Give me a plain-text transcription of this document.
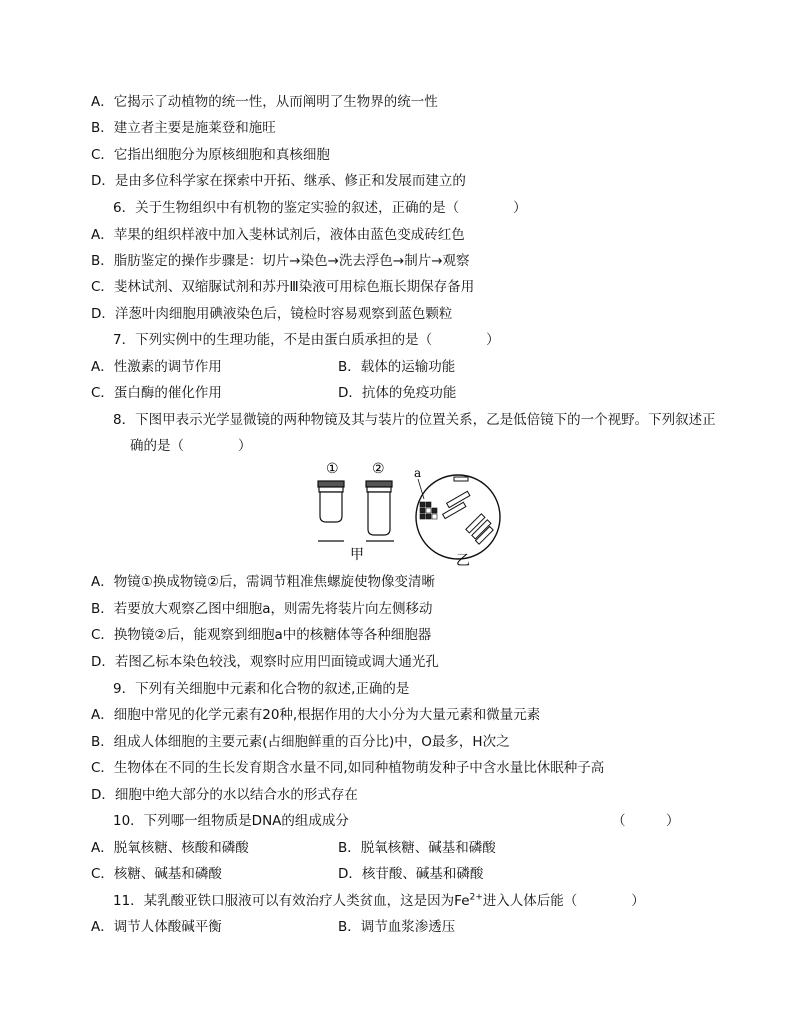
A．它揭示了动植物的统一性，从而阐明了生物界的统一性
B．建立者主要是施莱登和施旺
C．它指出细胞分为原核细胞和真核细胞
D．是由多位科学家在探索中开拓、继承、修正和发展而建立的
6．关于生物组织中有机物的鉴定实验的叙述，正确的是（　　　　）
A．苹果的组织样液中加入斐林试剂后，液体由蓝色变成砖红色
B．脂肪鉴定的操作步骤是：切片→染色→洗去浮色→制片→观察
C．斐林试剂、双缩脲试剂和苏丹Ⅲ染液可用棕色瓶长期保存备用
D．洋葱叶肉细胞用碘液染色后，镜检时容易观察到蓝色颗粒
7．下列实例中的生理功能，不是由蛋白质承担的是（　　　　）
A．性激素的调节作用	B．载体的运输功能
C．蛋白酶的催化作用	D．抗体的免疫功能
8．下图甲表示光学显微镜的两种物镜及其与装片的位置关系，乙是低倍镜下的一个视野。下列叙述正
确的是（　　　　）
① ② a
甲	乙
A．物镜①换成物镜②后，需调节粗准焦螺旋使物像变清晰
B．若要放大观察乙图中细胞a，则需先将装片向左侧移动
C．换物镜②后，能观察到细胞a中的核糖体等各种细胞器
D．若图乙标本染色较浅，观察时应用凹面镜或调大通光孔
9．下列有关细胞中元素和化合物的叙述,正确的是
A．细胞中常见的化学元素有20种,根据作用的大小分为大量元素和微量元素
B．组成人体细胞的主要元素(占细胞鲜重的百分比)中，O最多，H次之
C．生物体在不同的生长发育期含水量不同,如同种植物萌发种子中含水量比休眠种子高
D．细胞中绝大部分的水以结合水的形式存在
10．下列哪一组物质是DNA的组成成分	（　　　）
A．脱氧核糖、核酸和磷酸	B．脱氧核糖、碱基和磷酸
C．核糖、碱基和磷酸	D．核苷酸、碱基和磷酸
11．某乳酸亚铁口服液可以有效治疗人类贫血，这是因为$Fe^{2+}$进入人体后能（　　　　）
A．调节人体酸碱平衡	B．调节血浆渗透压
